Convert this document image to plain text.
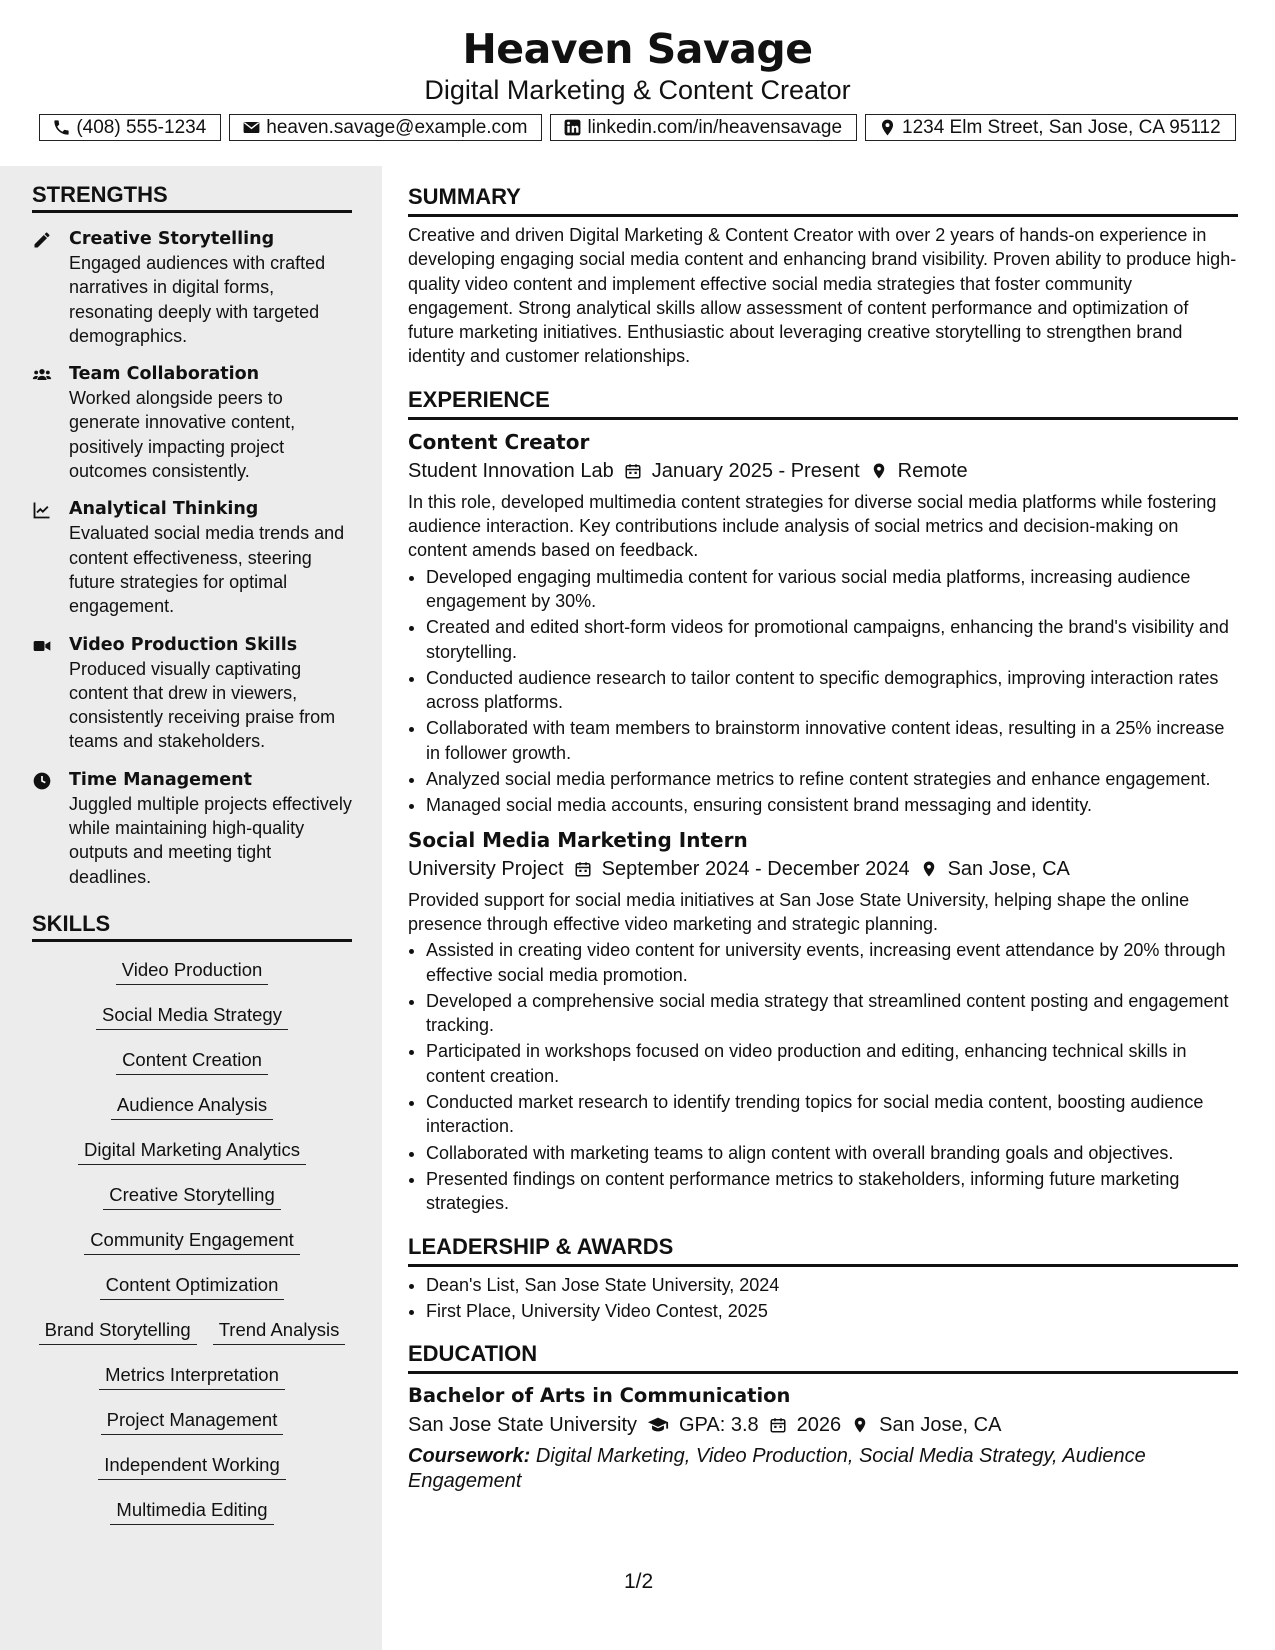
Heaven Savage
Digital Marketing & Content Creator
(408) 555-1234	heaven.savage@example.com	linkedin.com/in/heavensavage	1234 Elm Street, San Jose, CA 95112
STRENGTHS
Creative Storytelling
Engaged audiences with crafted narratives in digital forms, resonating deeply with targeted demographics.
Team Collaboration
Worked alongside peers to generate innovative content, positively impacting project outcomes consistently.
Analytical Thinking
Evaluated social media trends and content effectiveness, steering future strategies for optimal engagement.
Video Production Skills
Produced visually captivating content that drew in viewers, consistently receiving praise from teams and stakeholders.
Time Management
Juggled multiple projects effectively while maintaining high-quality outputs and meeting tight deadlines.
SKILLS
Video Production
Social Media Strategy
Content Creation
Audience Analysis
Digital Marketing Analytics
Creative Storytelling
Community Engagement
Content Optimization
Brand Storytelling	Trend Analysis
Metrics Interpretation
Project Management
Independent Working
Multimedia Editing
SUMMARY

Creative and driven Digital Marketing & Content Creator with over 2 years of hands-on experience in developing engaging social media content and enhancing brand visibility. Proven ability to produce high-quality video content and implement effective social media strategies that foster community engagement. Strong analytical skills allow assessment of content performance and optimization of future marketing initiatives. Enthusiastic about leveraging creative storytelling to strengthen brand identity and customer relationships.

EXPERIENCE
Content Creator
Student Innovation Lab January 2025 - Present Remote

In this role, developed multimedia content strategies for diverse social media platforms while fostering audience interaction. Key contributions include analysis of social metrics and decision-making on content amends based on feedback.

• Developed engaging multimedia content for various social media platforms, increasing audience engagement by 30%.
• Created and edited short-form videos for promotional campaigns, enhancing the brand's visibility and storytelling.
• Conducted audience research to tailor content to specific demographics, improving interaction rates across platforms.
• Collaborated with team members to brainstorm innovative content ideas, resulting in a 25% increase in follower growth.
• Analyzed social media performance metrics to refine content strategies and enhance engagement.
• Managed social media accounts, ensuring consistent brand messaging and identity.
Social Media Marketing Intern
University Project September 2024 - December 2024 San Jose, CA

Provided support for social media initiatives at San Jose State University, helping shape the online presence through effective video marketing and strategic planning.

• Assisted in creating video content for university events, increasing event attendance by 20% through effective social media promotion.
• Developed a comprehensive social media strategy that streamlined content posting and engagement tracking.
• Participated in workshops focused on video production and editing, enhancing technical skills in content creation.
• Conducted market research to identify trending topics for social media content, boosting audience interaction.
• Collaborated with marketing teams to align content with overall branding goals and objectives.
• Presented findings on content performance metrics to stakeholders, informing future marketing strategies.
LEADERSHIP & AWARDS
• Dean's List, San Jose State University, 2024
• First Place, University Video Contest, 2025
EDUCATION
Bachelor of Arts in Communication
San Jose State University GPA: 3.8 2026 San Jose, CA
Coursework: Digital Marketing, Video Production, Social Media Strategy, Audience Engagement
1/2
